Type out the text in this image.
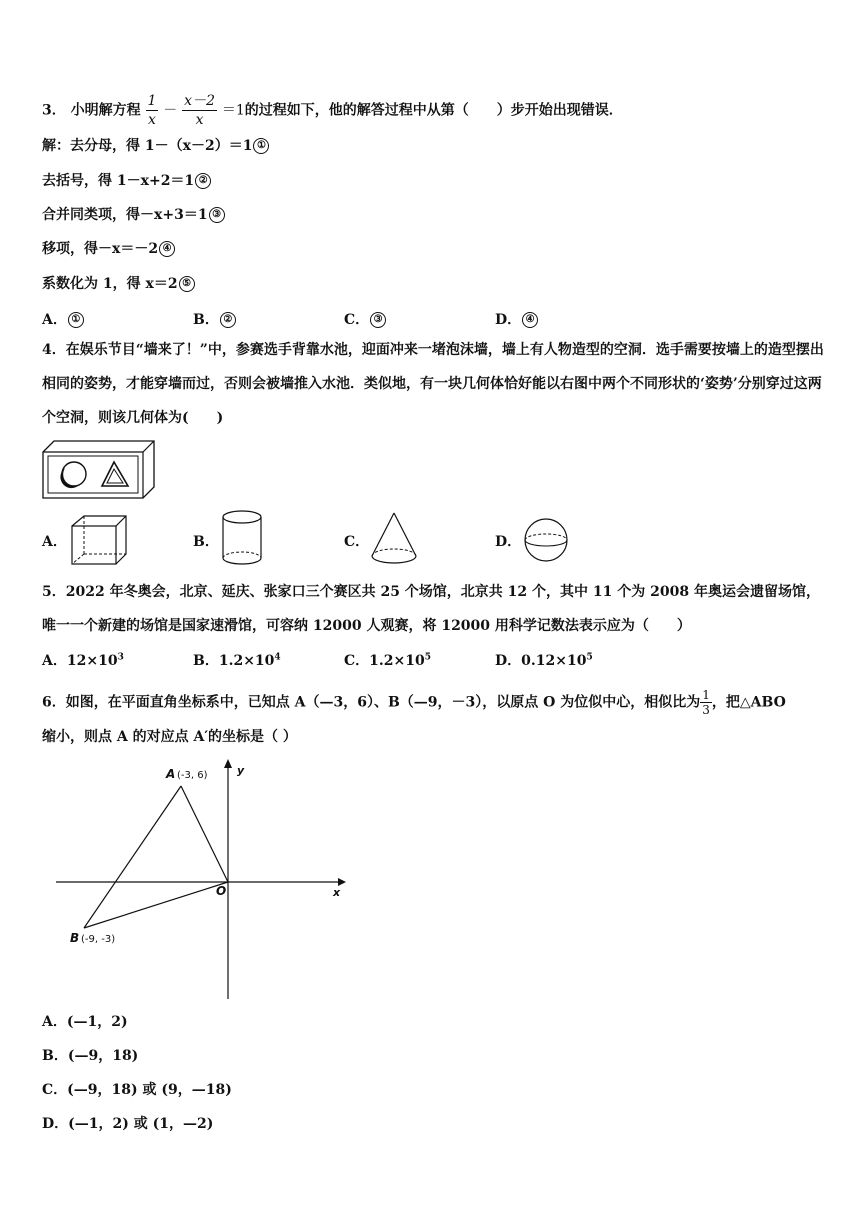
3． 小明解方程 $\frac{1}{x} - \frac{x-2}{x} =1$的过程如下，他的解答过程中从第（　　）步开始出现错误．
解：去分母，得 1－（x－2）＝1 ①
去括号，得 1－x+2＝1 ②
合并同类项，得－x+3＝1 ③
移项，得－x＝－2 ④
系数化为 1，得 x＝2 ⑤
A． ①	B． ②	C． ③	D． ④
4．在娱乐节目“墙来了！”中，参赛选手背靠水池，迎面冲来一堵泡沫墙，墙上有人物造型的空洞．选手需要按墙上的造型摆出相同的姿势，才能穿墙而过，否则会被墙推入水池．类似地，有一块几何体恰好能以右图中两个不同形状的‘姿势’分别穿过这两个空洞，则该几何体为(　　)
A．	B．	C．	D．
5．2022 年冬奥会，北京、延庆、张家口三个赛区共 25 个场馆，北京共 12 个，其中 11 个为 2008 年奥运会遗留场馆，唯一一个新建的场馆是国家速滑馆，可容纳 12000 人观赛，将 12000 用科学记数法表示应为（　　）
A．$12\times 10^3$	B．$1.2\times 10^4$	C．$1.2\times 10^5$	D．$0.12\times 10^5$
6．如图，在平面直角坐标系中，已知点 A（—3，6）、B（—9，－3），以原点 O 为位似中心，相似比为 $\frac{1}{3}$ ，把△ABO
缩小，则点 A 的对应点 A′的坐标是（ ）
A (-3, 6)
B (-9, -3)
O	x
y
A．(—1，2)
B．(—9，18)
C．(—9，18) 或 (9，—18)
D．(—1，2) 或 (1，—2)
